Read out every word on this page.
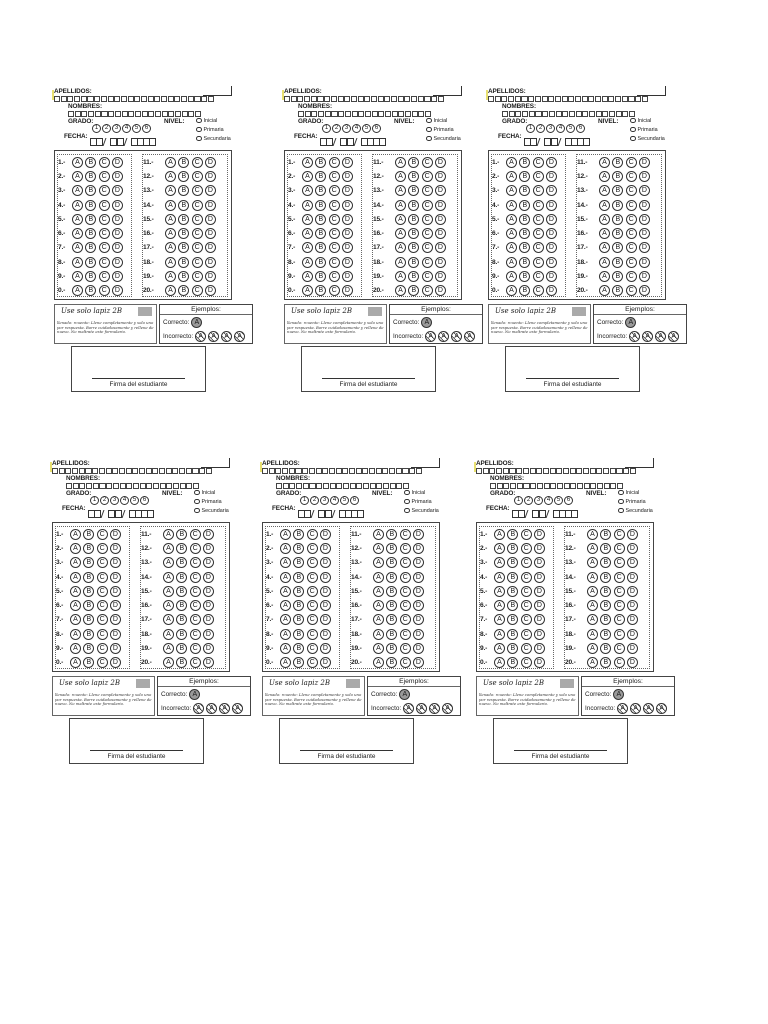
APELLIDOS:
NOMBRES:
GRADO:
1	2	3	4	5	6
NIVEL:	Inicial
Primaria
Secundaria
FECHA:
1.-	A	B	C	D
2.-	A	B	C	D
3.-	A	B	C	D
4.-	A	B	C	D
5.-	A	B	C	D
6.-	A	B	C	D
7.-	A	B	C	D
8.-	A	B	C	D
9.-	A	B	C	D
0.-	A	B	C	D
11.-	A	B	C	D
12.-	A	B	C	D
13.-	A	B	C	D
14.-	A	B	C	D
15.-	A	B	C	D
16.-	A	B	C	D
17.-	A	B	C	D
18.-	A	B	C	D
19.-	A	B	C	D
20.-	A	B	C	D
Use solo lapiz 2B
llenado: rcuente: Llene completamente y solo uno por respuesta. Borre cuidadosamente y rellene de nuevo. No maltrate este formulario.
Ejemplos:
Correcto: A
Incorrecto: A	A	A	A
Firma del estudiante
APELLIDOS:
NOMBRES:
GRADO:
1	2	3	4	5	6
NIVEL:	Inicial
Primaria
Secundaria
FECHA:
1.-	A	B	C	D
2.-	A	B	C	D
3.-	A	B	C	D
4.-	A	B	C	D
5.-	A	B	C	D
6.-	A	B	C	D
7.-	A	B	C	D
8.-	A	B	C	D
9.-	A	B	C	D
0.-	A	B	C	D
11.-	A	B	C	D
12.-	A	B	C	D
13.-	A	B	C	D
14.-	A	B	C	D
15.-	A	B	C	D
16.-	A	B	C	D
17.-	A	B	C	D
18.-	A	B	C	D
19.-	A	B	C	D
20.-	A	B	C	D
Use solo lapiz 2B
llenado: rcuente: Llene completamente y solo uno por respuesta. Borre cuidadosamente y rellene de nuevo. No maltrate este formulario.
Ejemplos:
Correcto: A
Incorrecto: A	A	A	A
Firma del estudiante
APELLIDOS:
NOMBRES:
GRADO:
1	2	3	4	5	6
NIVEL:	Inicial
Primaria
Secundaria
FECHA:
1.-	A	B	C	D
2.-	A	B	C	D
3.-	A	B	C	D
4.-	A	B	C	D
5.-	A	B	C	D
6.-	A	B	C	D
7.-	A	B	C	D
8.-	A	B	C	D
9.-	A	B	C	D
0.-	A	B	C	D
11.-	A	B	C	D
12.-	A	B	C	D
13.-	A	B	C	D
14.-	A	B	C	D
15.-	A	B	C	D
16.-	A	B	C	D
17.-	A	B	C	D
18.-	A	B	C	D
19.-	A	B	C	D
20.-	A	B	C	D
Use solo lapiz 2B
llenado: rcuente: Llene completamente y solo uno por respuesta. Borre cuidadosamente y rellene de nuevo. No maltrate este formulario.
Ejemplos:
Correcto: A
Incorrecto: A	A	A	A
Firma del estudiante
APELLIDOS:
NOMBRES:
GRADO:
1	2	3	4	5	6
NIVEL:	Inicial
Primaria
Secundaria
FECHA:
1.-	A	B	C	D
2.-	A	B	C	D
3.-	A	B	C	D
4.-	A	B	C	D
5.-	A	B	C	D
6.-	A	B	C	D
7.-	A	B	C	D
8.-	A	B	C	D
9.-	A	B	C	D
0.-	A	B	C	D
11.-	A	B	C	D
12.-	A	B	C	D
13.-	A	B	C	D
14.-	A	B	C	D
15.-	A	B	C	D
16.-	A	B	C	D
17.-	A	B	C	D
18.-	A	B	C	D
19.-	A	B	C	D
20.-	A	B	C	D
Use solo lapiz 2B
llenado: rcuente: Llene completamente y solo uno por respuesta. Borre cuidadosamente y rellene de nuevo. No maltrate este formulario.
Ejemplos:
Correcto: A
Incorrecto: A	A	A	A
Firma del estudiante
APELLIDOS:
NOMBRES:
GRADO:
1	2	3	4	5	6
NIVEL:	Inicial
Primaria
Secundaria
FECHA:
1.-	A	B	C	D
2.-	A	B	C	D
3.-	A	B	C	D
4.-	A	B	C	D
5.-	A	B	C	D
6.-	A	B	C	D
7.-	A	B	C	D
8.-	A	B	C	D
9.-	A	B	C	D
0.-	A	B	C	D
11.-	A	B	C	D
12.-	A	B	C	D
13.-	A	B	C	D
14.-	A	B	C	D
15.-	A	B	C	D
16.-	A	B	C	D
17.-	A	B	C	D
18.-	A	B	C	D
19.-	A	B	C	D
20.-	A	B	C	D
Use solo lapiz 2B
llenado: rcuente: Llene completamente y solo uno por respuesta. Borre cuidadosamente y rellene de nuevo. No maltrate este formulario.
Ejemplos:
Correcto: A
Incorrecto: A	A	A	A
Firma del estudiante
APELLIDOS:
NOMBRES:
GRADO:
1	2	3	4	5	6
NIVEL:	Inicial
Primaria
Secundaria
FECHA:
1.-	A	B	C	D
2.-	A	B	C	D
3.-	A	B	C	D
4.-	A	B	C	D
5.-	A	B	C	D
6.-	A	B	C	D
7.-	A	B	C	D
8.-	A	B	C	D
9.-	A	B	C	D
0.-	A	B	C	D
11.-	A	B	C	D
12.-	A	B	C	D
13.-	A	B	C	D
14.-	A	B	C	D
15.-	A	B	C	D
16.-	A	B	C	D
17.-	A	B	C	D
18.-	A	B	C	D
19.-	A	B	C	D
20.-	A	B	C	D
Use solo lapiz 2B
llenado: rcuente: Llene completamente y solo uno por respuesta. Borre cuidadosamente y rellene de nuevo. No maltrate este formulario.
Ejemplos:
Correcto: A
Incorrecto: A	A	A	A
Firma del estudiante
